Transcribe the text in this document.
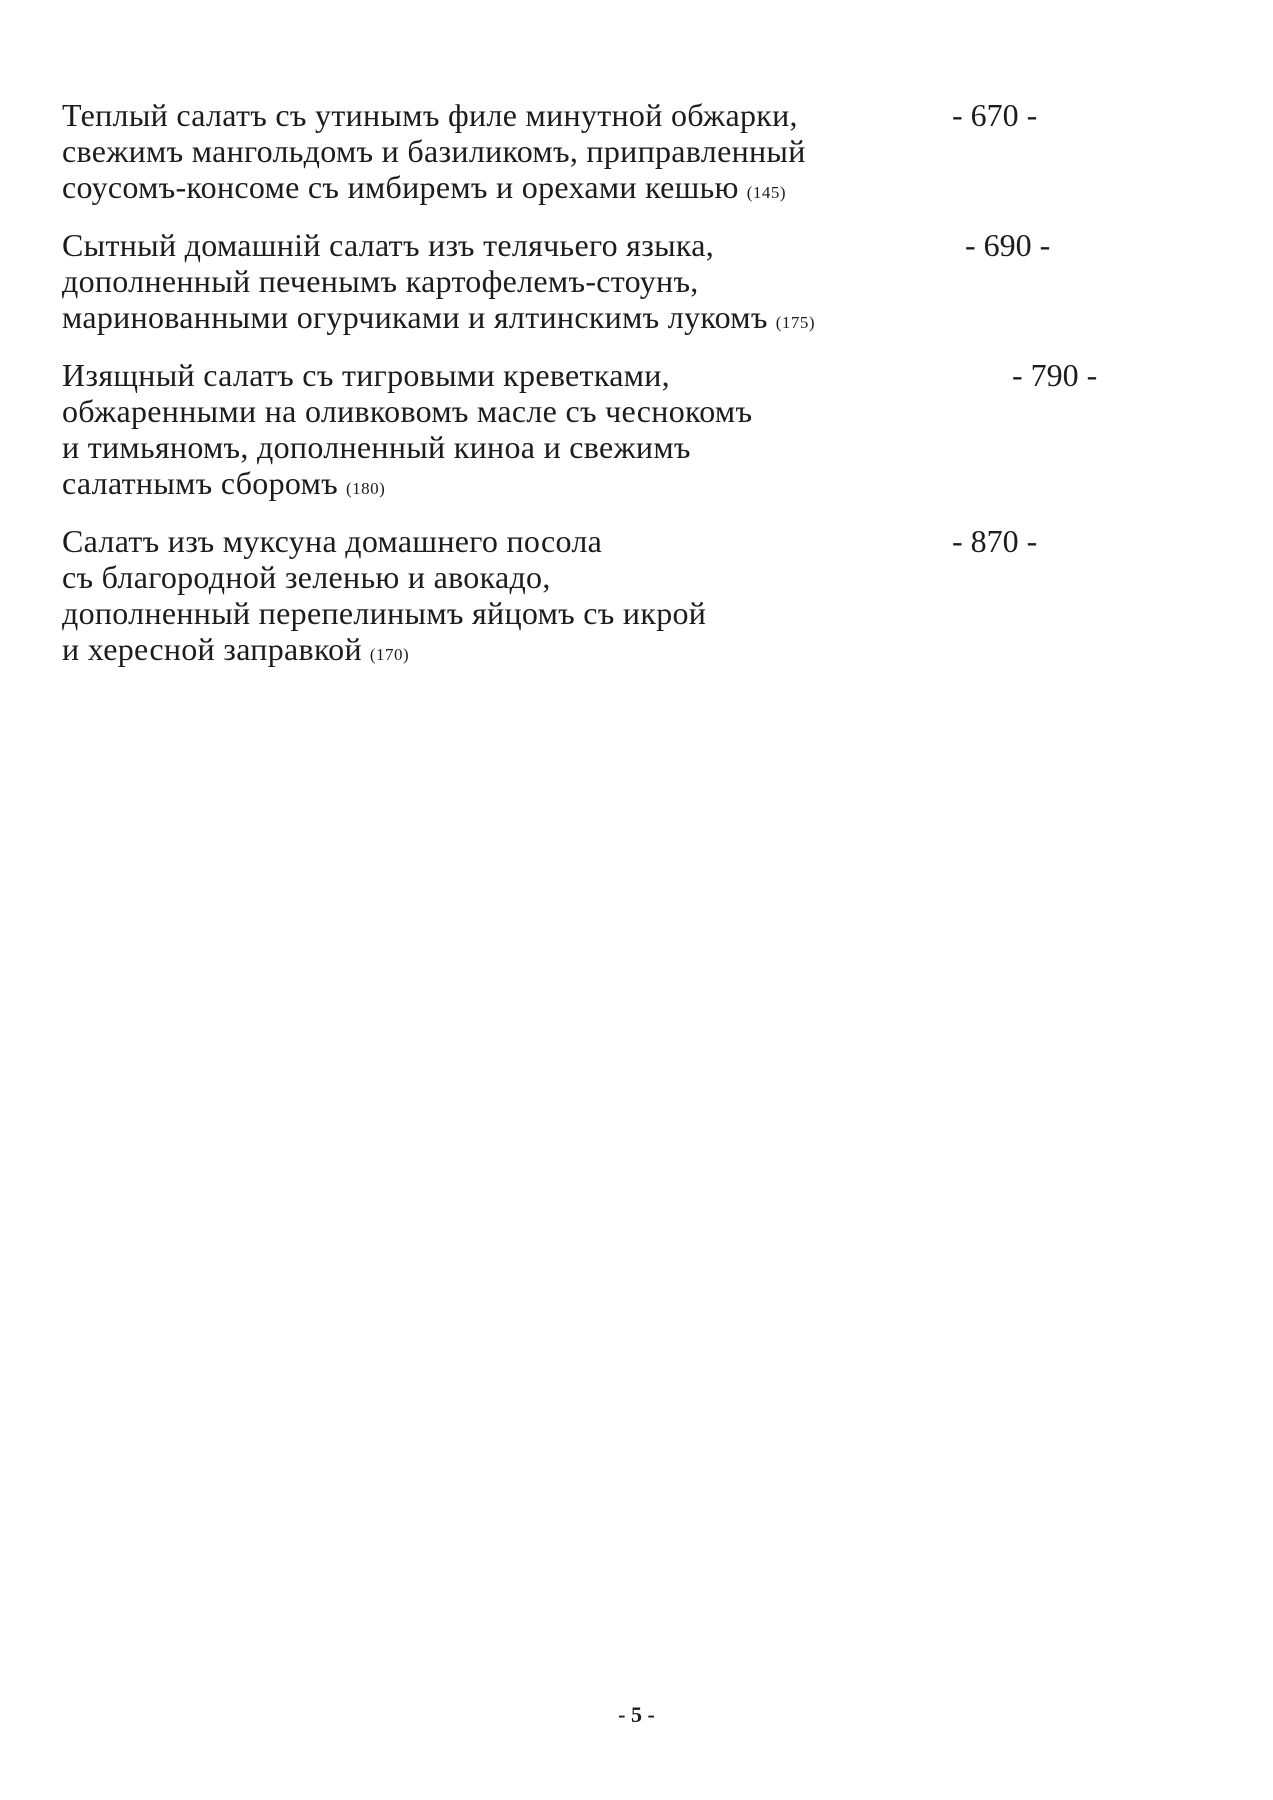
Теплый салатъ съ утинымъ филе минутной обжарки,
свежимъ мангольдомъ и базиликомъ, приправленный
соусомъ-консоме съ имбиремъ и орехами кешью (145)
- 670 -
Сытный домашнiй салатъ изъ телячьего языка,
дополненный печенымъ картофелемъ-стоунъ,
маринованными огурчиками и ялтинскимъ лукомъ (175)
- 690 -
Изящный салатъ съ тигровыми креветками,
обжаренными на оливковомъ масле съ чеснокомъ
и тимьяномъ, дополненный киноа и свежимъ
салатнымъ сборомъ (180)
- 790 -
Салатъ изъ муксуна домашнего посола
съ благородной зеленью и авокадо,
дополненный перепелинымъ яйцомъ съ икрой
и хересной заправкой (170)
- 870 -
- 5 -
